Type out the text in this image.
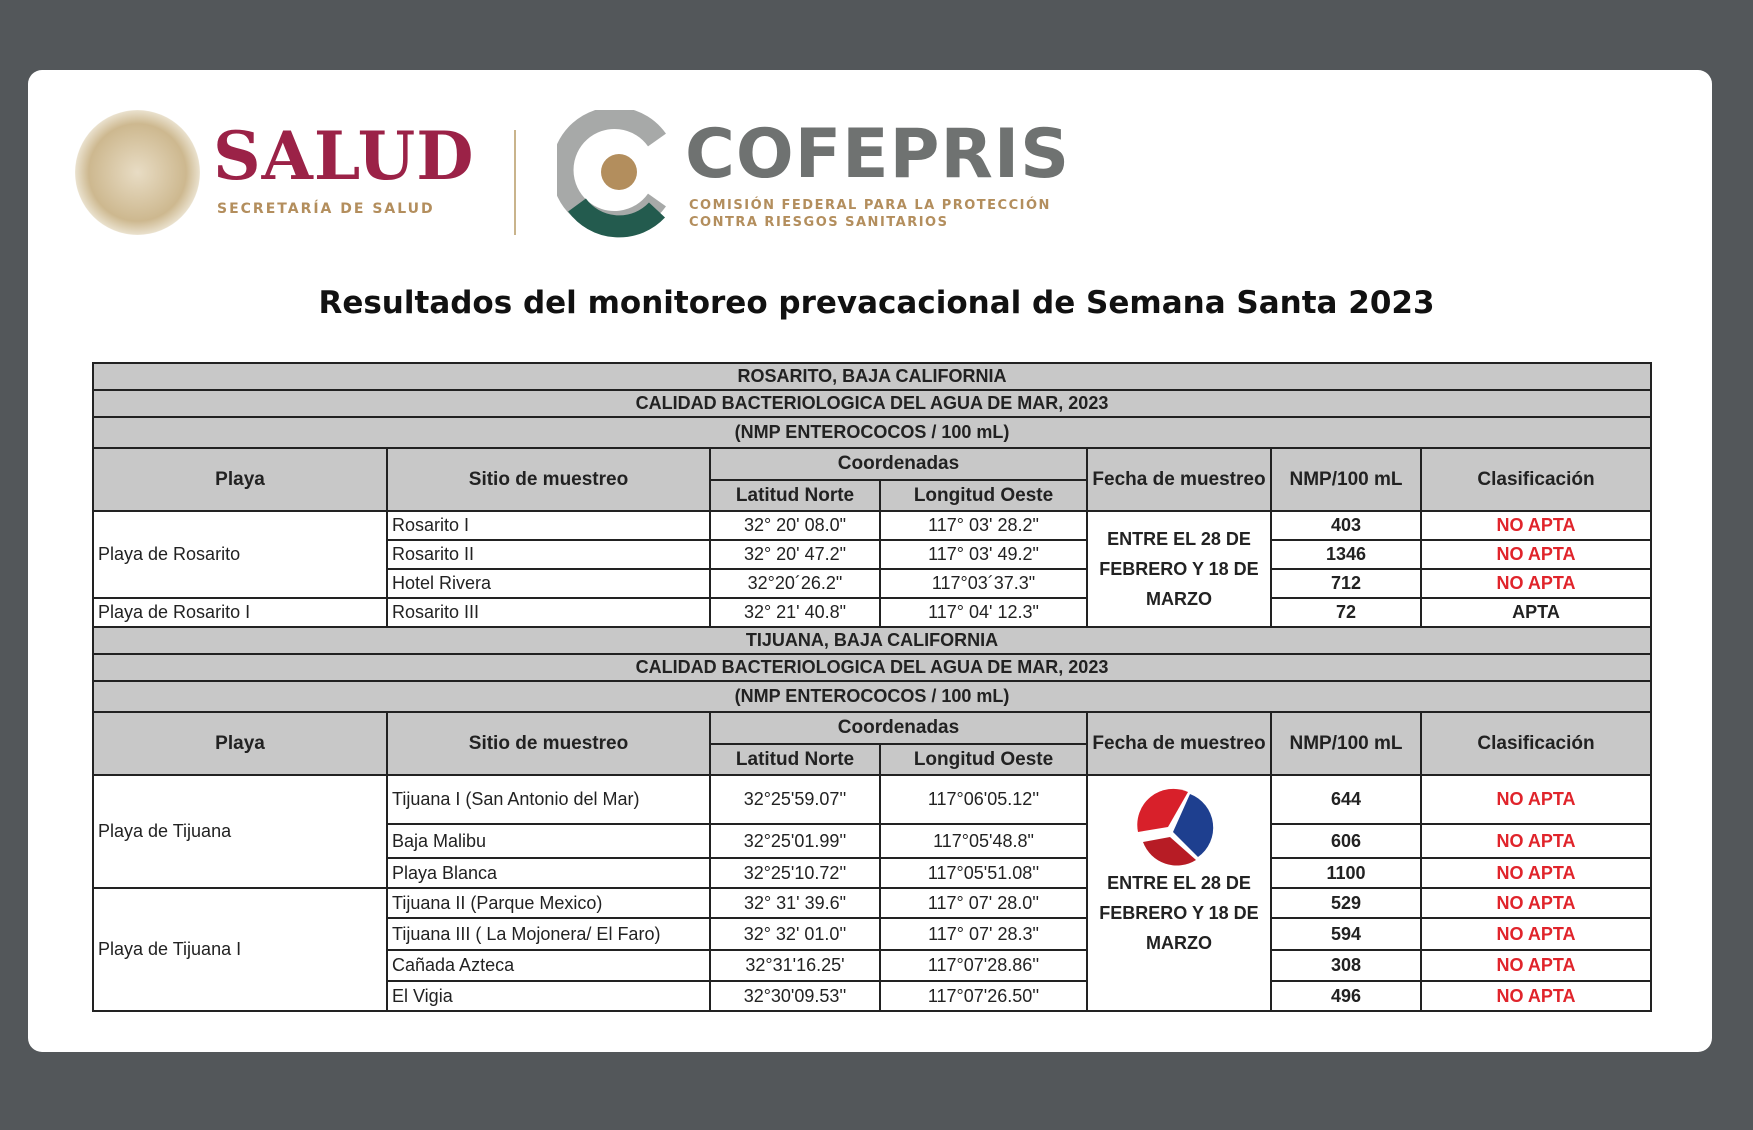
SALUD
SECRETARÍA DE SALUD
COFEPRIS
COMISIÓN FEDERAL PARA LA PROTECCIÓN
CONTRA RIESGOS SANITARIOS
Resultados del monitoreo prevacacional de Semana Santa 2023
ROSARITO, BAJA CALIFORNIA						
CALIDAD BACTERIOLOGICA DEL AGUA DE MAR, 2023						
(NMP ENTEROCOCOS / 100 mL)						
Playa	Sitio de muestreo	Coordenadas		Fecha de muestreo	NMP/100 mL	Clasificación
		Latitud Norte	Longitud Oeste			
Playa de Rosarito	Rosarito I	32° 20' 08.0"	117° 03' 28.2"	ENTRE EL 28 DE FEBRERO Y 18 DE MARZO	403	NO APTA
	Rosarito II	32° 20' 47.2"	117° 03' 49.2"		1346	NO APTA
	Hotel Rivera	32°20´26.2"	117°03´37.3"		712	NO APTA
Playa de Rosarito I	Rosarito III	32° 21' 40.8"	117° 04' 12.3"		72	APTA
TIJUANA, BAJA CALIFORNIA						
CALIDAD BACTERIOLOGICA DEL AGUA DE MAR, 2023						
(NMP ENTEROCOCOS / 100 mL)						
Playa	Sitio de muestreo	Coordenadas		Fecha de muestreo	NMP/100 mL	Clasificación
		Latitud Norte	Longitud Oeste			
Playa de Tijuana	Tijuana I (San Antonio del Mar)	32°25'59.07''	117°06'05.12''	ENTRE EL 28 DE FEBRERO Y 18 DE MARZO	644	NO APTA
	Baja Malibu	32°25'01.99''	117°05'48.8"		606	NO APTA
	Playa Blanca	32°25'10.72''	117°05'51.08''		1100	NO APTA
Playa de Tijuana I	Tijuana II (Parque Mexico)	32° 31' 39.6"	117° 07' 28.0''		529	NO APTA
	Tijuana III ( La Mojonera/ El Faro)	32° 32' 01.0''	117° 07' 28.3"		594	NO APTA
	Cañada Azteca	32°31'16.25'	117°07'28.86''		308	NO APTA
	El Vigia	32°30'09.53''	117°07'26.50''		496	NO APTA
